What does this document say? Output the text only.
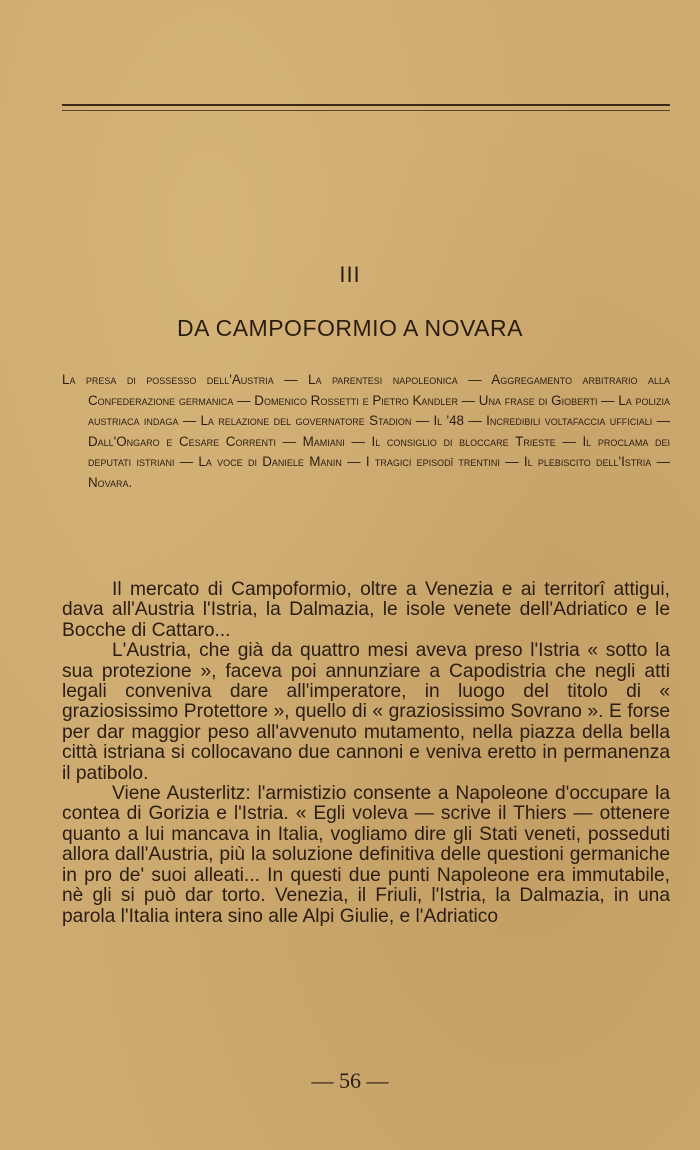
III
DA CAMPOFORMIO A NOVARA
La presa di possesso dell'Austria — La parentesi napoleonica — Aggregamento arbitrario alla Confederazione germanica — Domenico Rossetti e Pietro Kandler — Una frase di Gioberti — La polizia austriaca indaga — La relazione del governatore Stadion — Il '48 — Incredibili voltafaccia ufficiali — Dall'Ongaro e Cesare Correnti — Mamiani — Il consiglio di bloccare Trieste — Il proclama dei deputati istriani — La voce di Daniele Manin — I tragici episodî trentini — Il plebiscito dell'Istria — Novara.

Il mercato di Campoformio, oltre a Venezia e ai territorî attigui, dava all'Austria l'Istria, la Dalmazia, le isole venete dell'Adriatico e le Bocche di Cattaro...

L'Austria, che già da quattro mesi aveva preso l'Istria « sotto la sua protezione », faceva poi annunziare a Capodistria che negli atti legali conveniva dare all'imperatore, in luogo del titolo di « graziosissimo Protettore », quello di « graziosissimo Sovrano ». E forse per dar maggior peso all'avvenuto mutamento, nella piazza della bella città istriana si collocavano due cannoni e veniva eretto in permanenza il patibolo.

Viene Austerlitz: l'armistizio consente a Napoleone d'occupare la contea di Gorizia e l'Istria. « Egli voleva — scrive il Thiers — ottenere quanto a lui mancava in Italia, vogliamo dire gli Stati veneti, posseduti allora dall'Austria, più la soluzione definitiva delle questioni germaniche in pro de' suoi alleati... In questi due punti Napoleone era immutabile, nè gli si può dar torto. Venezia, il Friuli, l'Istria, la Dalmazia, in una parola l'Italia intera sino alle Alpi Giulie, e l'Adriatico

— 56 —
